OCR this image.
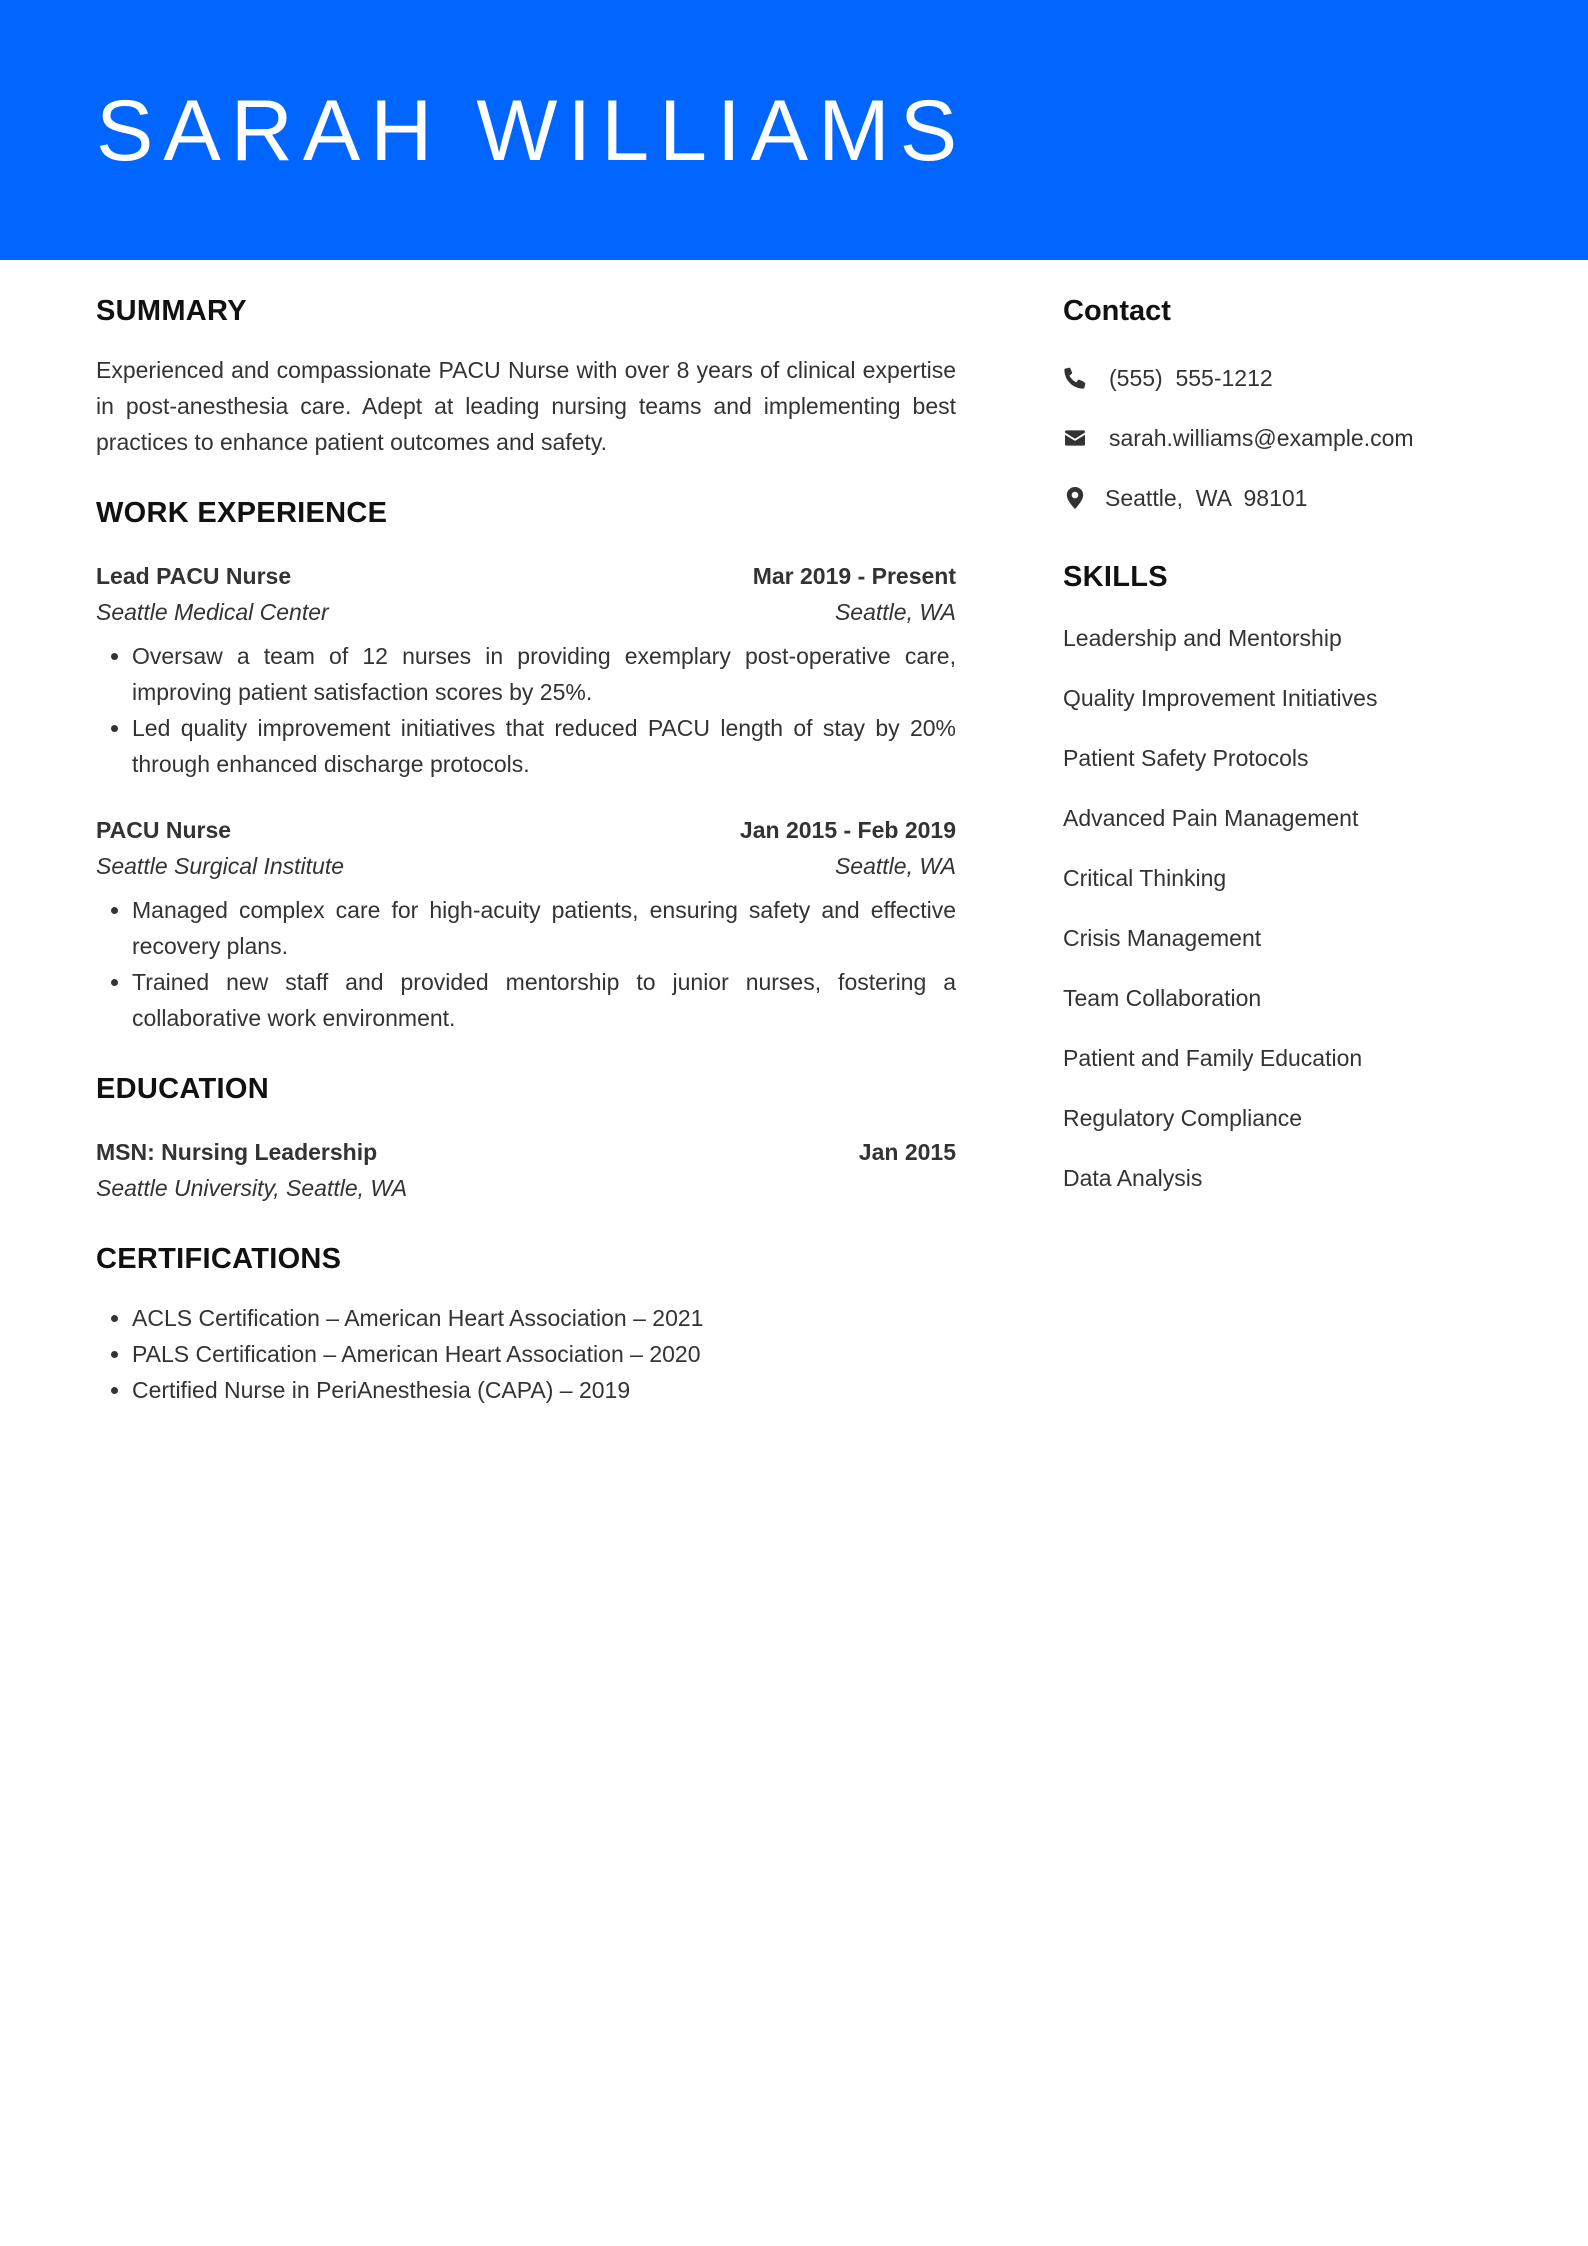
SARAH WILLIAMS
SUMMARY

Experienced and compassionate PACU Nurse with over 8 years of clinical expertise in post-anesthesia care. Adept at leading nursing teams and implementing best practices to enhance patient outcomes and safety.

WORK EXPERIENCE
Lead PACU Nurse	Mar 2019 - Present
Seattle Medical Center	Seattle, WA
• Oversaw a team of 12 nurses in providing exemplary post-operative care, improving patient satisfaction scores by 25%.
• Led quality improvement initiatives that reduced PACU length of stay by 20% through enhanced discharge protocols.
PACU Nurse	Jan 2015 - Feb 2019
Seattle Surgical Institute	Seattle, WA
• Managed complex care for high-acuity patients, ensuring safety and effective recovery plans.
• Trained new staff and provided mentorship to junior nurses, fostering a collaborative work environment.
EDUCATION
MSN: Nursing Leadership	Jan 2015
Seattle University, Seattle, WA
CERTIFICATIONS
• ACLS Certification – American Heart Association – 2021
• PALS Certification – American Heart Association – 2020
• Certified Nurse in PeriAnesthesia (CAPA) – 2019
Contact
(555)  555-1212
sarah.williams@example.com
Seattle,  WA  98101
SKILLS
Leadership and Mentorship
Quality Improvement Initiatives
Patient Safety Protocols
Advanced Pain Management
Critical Thinking
Crisis Management
Team Collaboration
Patient and Family Education
Regulatory Compliance
Data Analysis
